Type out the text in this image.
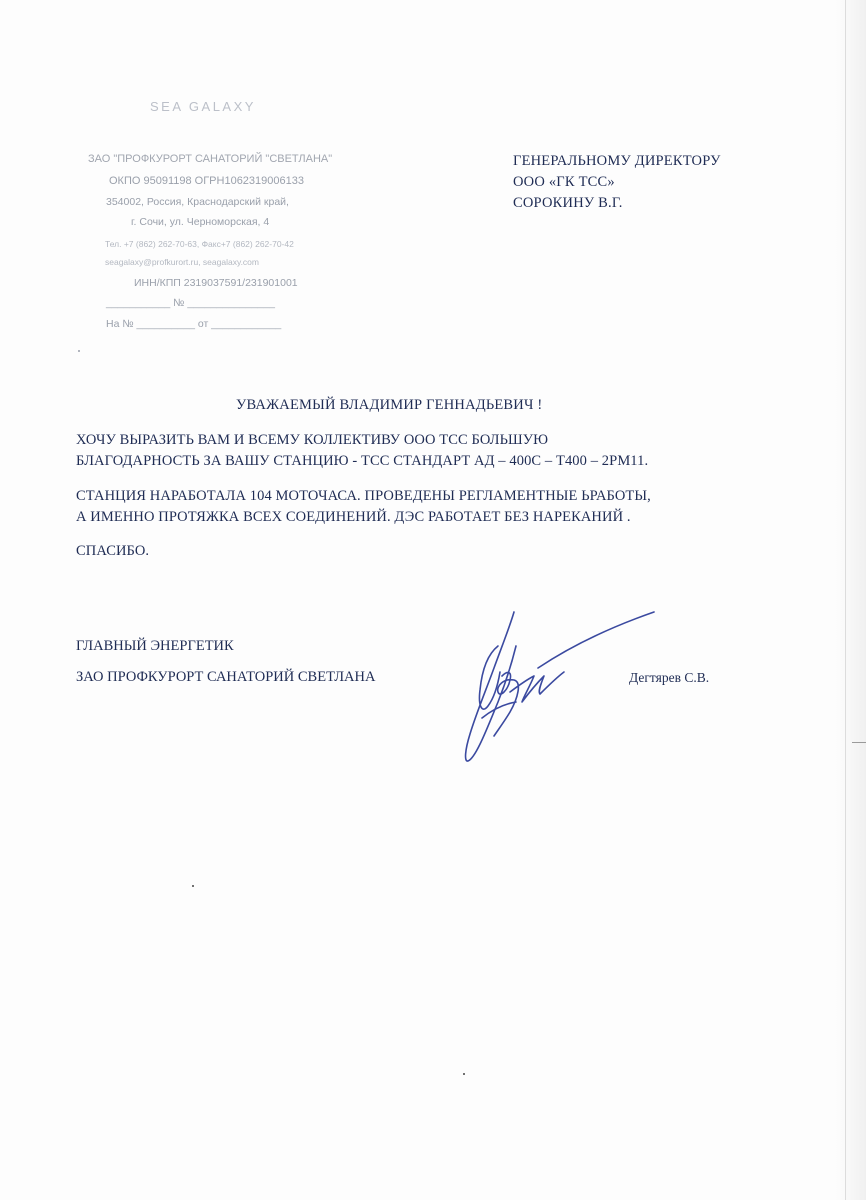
SEA GALAXY
ЗАО "ПРОФКУРОРТ САНАТОРИЙ "СВЕТЛАНА"
ОКПО 95091198 ОГРН1062319006133
354002, Россия, Краснодарский край,
г. Сочи, ул. Черноморская, 4
Тел. +7 (862) 262-70-63, Факс+7 (862) 262-70-42
seagalaxy@profkurort.ru, seagalaxy.com
ИНН/КПП 2319037591/231901001
___________ № _______________
На № __________ от ____________
ГЕНЕРАЛЬНОМУ ДИРЕКТОРУ
ООО «ГК ТСС»
СОРОКИНУ В.Г.
УВАЖАЕМЫЙ ВЛАДИМИР ГЕННАДЬЕВИЧ !
ХОЧУ ВЫРАЗИТЬ ВАМ И ВСЕМУ КОЛЛЕКТИВУ ООО ТСС БОЛЬШУЮ
БЛАГОДАРНОСТЬ ЗА ВАШУ СТАНЦИЮ - ТСС СТАНДАРТ АД – 400С – Т400 – 2РМ11.
СТАНЦИЯ НАРАБОТАЛА 104 МОТОЧАСА. ПРОВЕДЕНЫ РЕГЛАМЕНТНЫЕ ЬРАБОТЫ,
А ИМЕННО ПРОТЯЖКА ВСЕХ СОЕДИНЕНИЙ. ДЭС РАБОТАЕТ БЕЗ НАРЕКАНИЙ .
СПАСИБО.
ГЛАВНЫЙ ЭНЕРГЕТИК
ЗАО ПРОФКУРОРТ САНАТОРИЙ СВЕТЛАНА	Дегтярев С.В.
